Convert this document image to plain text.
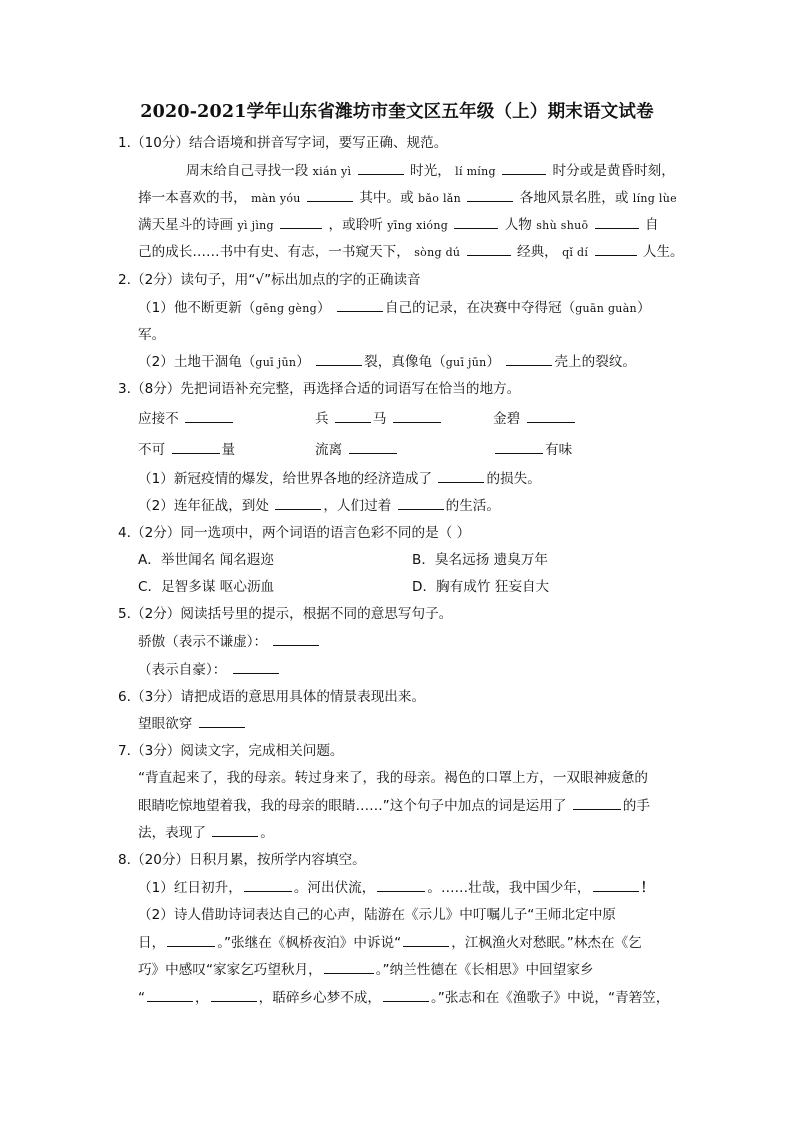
2020-2021学年山东省潍坊市奎文区五年级（上）期末语文试卷
1.（10分）结合语境和拼音写字词，要写正确、规范。
周末给自己寻找一段 xián yì	时光， lí míng	时分或是黄昏时刻，
捧一本喜欢的书， màn yóu	其中。或 bǎo lǎn	各地风景名胜，或 líng lùe
满天星斗的诗画 yì jìng	，或聆听 yīng xióng	人物 shù shuō	自
己的成长……书中有史、有志，一书窥天下， sòng dú	经典， qǐ dí	人生。
2.（2分）读句子，用“√”标出加点的字的正确读音
（1）他不断更新（gēng gèng）	自己的记录，在决赛中夺得冠（guān guàn）
军。
（2）土地干涸龟（guī jūn）	裂，真像龟（guī jūn）	壳上的裂纹。
3.（8分）先把词语补充完整，再选择合适的词语写在恰当的地方。
应接不	兵	马	金碧
不可	量	流离	有味
（1）新冠疫情的爆发，给世界各地的经济造成了	的损失。
（2）连年征战，到处	，人们过着	的生活。
4.（2分）同一选项中，两个词语的语言色彩不同的是（ ）
A．举世闻名 闻名遐迩	B．臭名远扬 遗臭万年
C．足智多谋 呕心沥血	D．胸有成竹 狂妄自大
5.（2分）阅读括号里的提示，根据不同的意思写句子。
骄傲（表示不谦虚）：
（表示自豪）：
6.（3分）请把成语的意思用具体的情景表现出来。
望眼欲穿
7.（3分）阅读文字，完成相关问题。
“背直起来了，我的母亲。转过身来了，我的母亲。褐色的口罩上方，一双眼神疲惫的
眼睛吃惊地望着我，我的母亲的眼睛……”这个句子中加点的词是运用了	的手
法，表现了	。
8.（20分）日积月累，按所学内容填空。
（1）红日初升，	。河出伏流，	。……壮哉，我中国少年，	！
（2）诗人借助诗词表达自己的心声，陆游在《示儿》中叮嘱儿子“王师北定中原
日，	。”张继在《枫桥夜泊》中诉说“	，江枫渔火对愁眠。”林杰在《乞
巧》中感叹“家家乞巧望秋月，	。”纳兰性德在《长相思》中回望家乡
“	，	，聒碎乡心梦不成，	。”张志和在《渔歌子》中说，“青箬笠，
